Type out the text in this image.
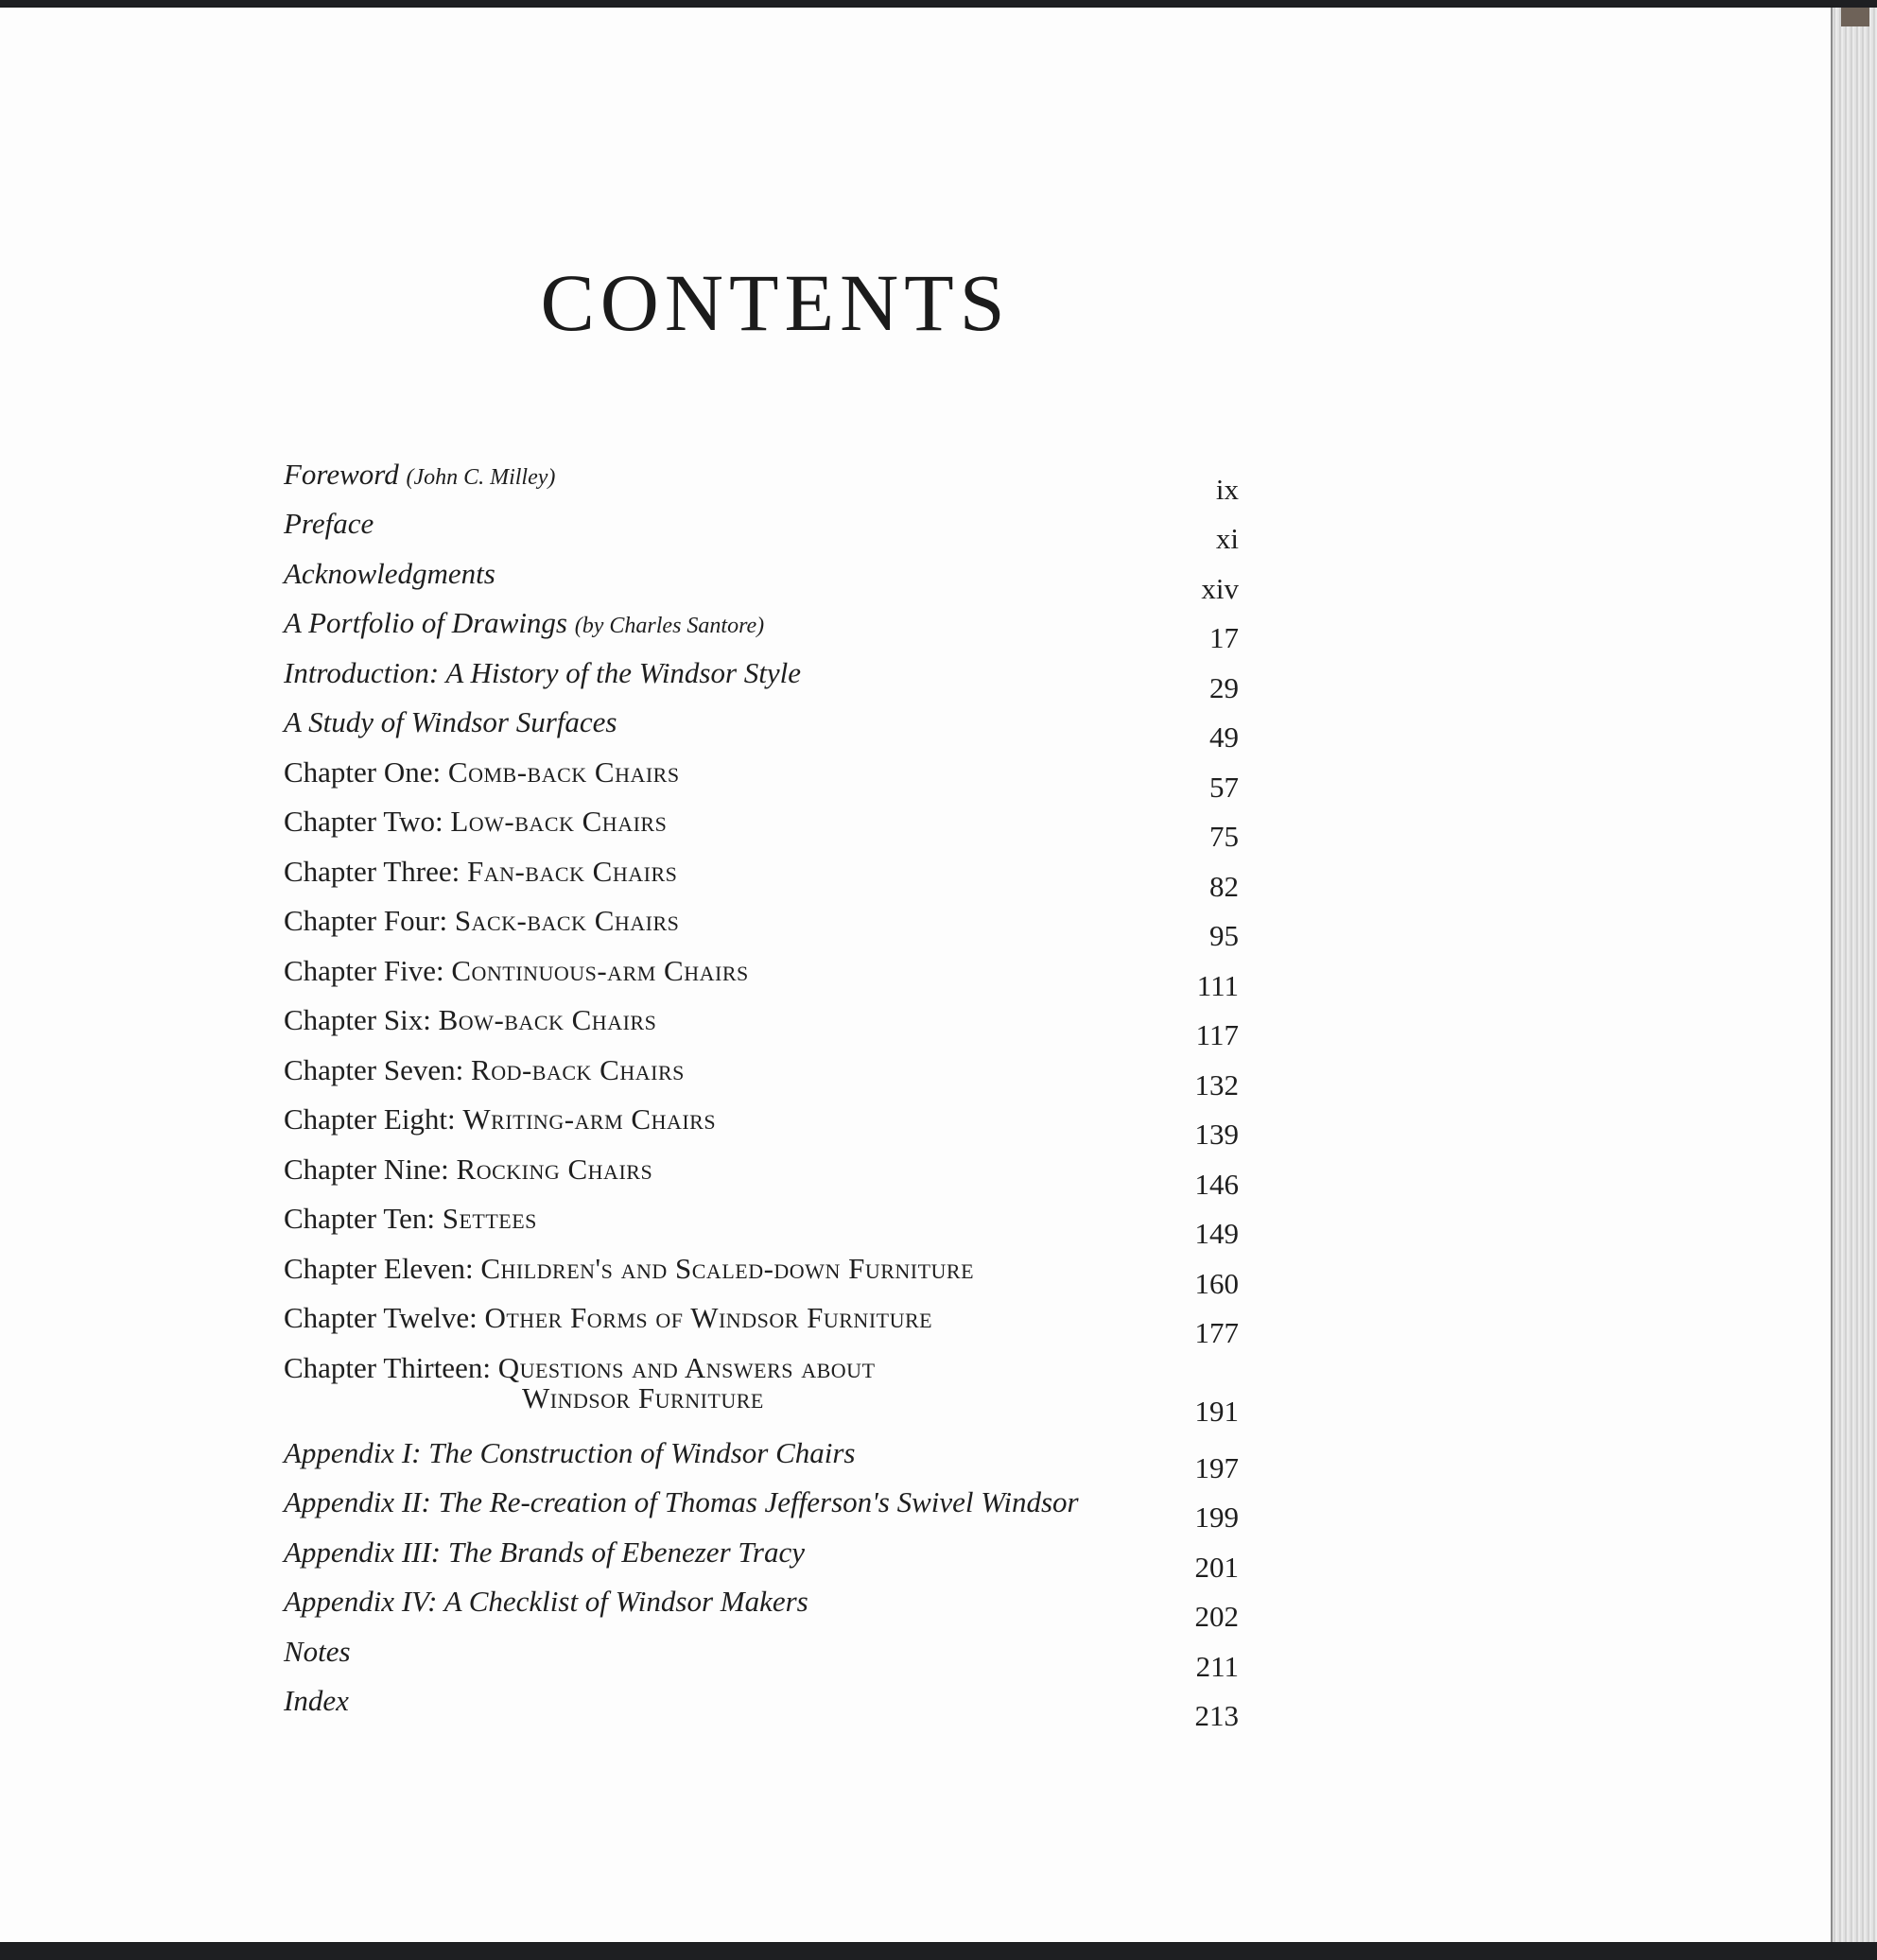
CONTENTS
Foreword (John C. Milley)	ix
Preface	xi
Acknowledgments	xiv
A Portfolio of Drawings (by Charles Santore)	17
Introduction: A History of the Windsor Style	29
A Study of Windsor Surfaces	49
Chapter One: Comb-back Chairs	57
Chapter Two: Low-back Chairs	75
Chapter Three: Fan-back Chairs	82
Chapter Four: Sack-back Chairs	95
Chapter Five: Continuous-arm Chairs	111
Chapter Six: Bow-back Chairs	117
Chapter Seven: Rod-back Chairs	132
Chapter Eight: Writing-arm Chairs	139
Chapter Nine: Rocking Chairs	146
Chapter Ten: Settees	149
Chapter Eleven: Children's and Scaled-down Furniture	160
Chapter Twelve: Other Forms of Windsor Furniture	177
Chapter Thirteen: Questions and Answers about
Windsor Furniture	191
Appendix I: The Construction of Windsor Chairs	197
Appendix II: The Re-creation of Thomas Jefferson's Swivel Windsor	199
Appendix III: The Brands of Ebenezer Tracy	201
Appendix IV: A Checklist of Windsor Makers	202
Notes	211
Index	213
